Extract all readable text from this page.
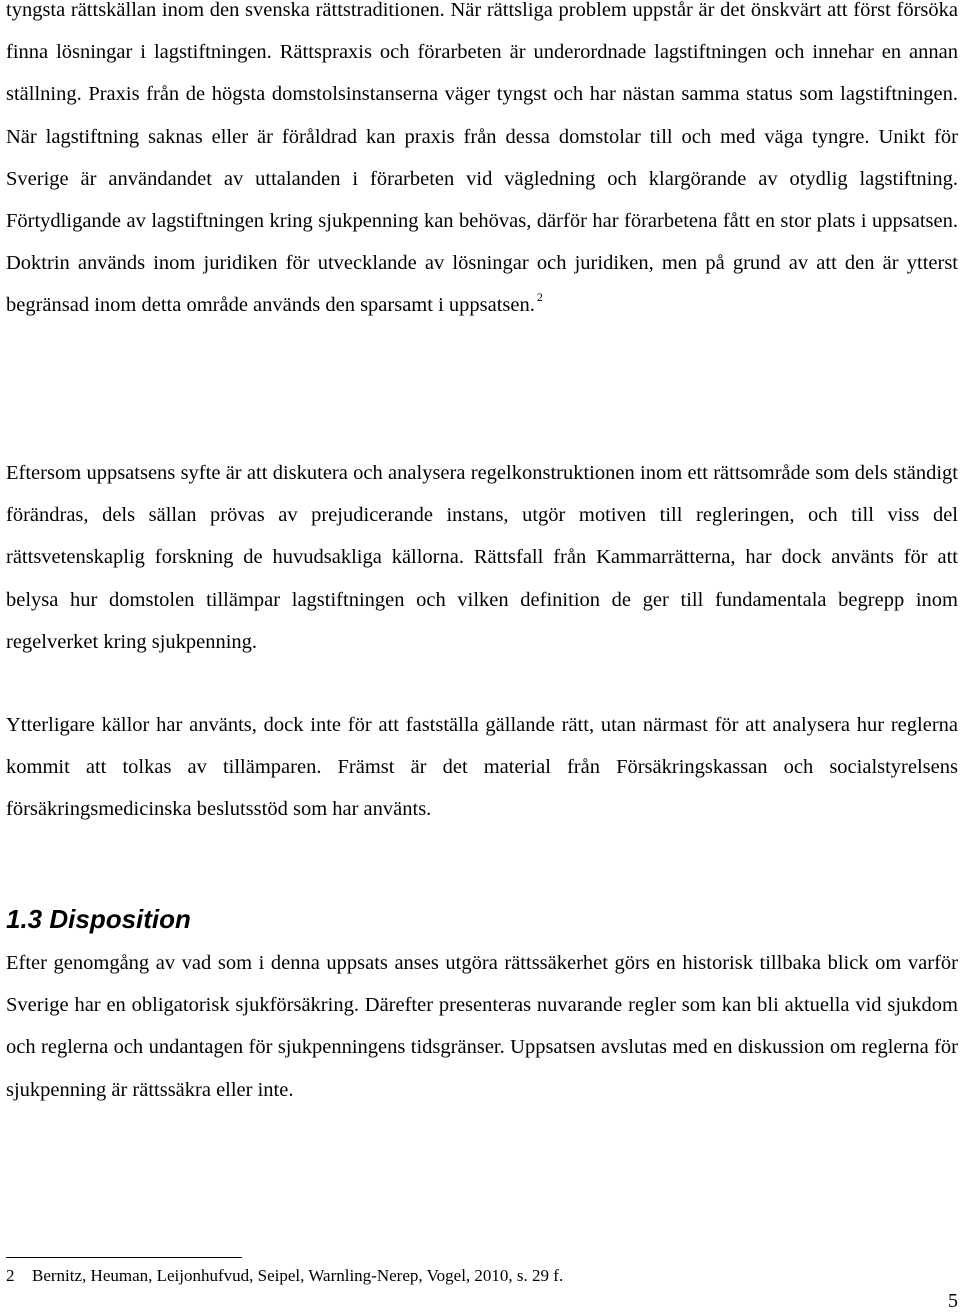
tyngsta rättskällan inom den svenska rättstraditionen. När rättsliga problem uppstår är det önskvärt att först försöka finna lösningar i lagstiftningen. Rättspraxis och förarbeten är underordnade lagstiftningen och innehar en annan ställning. Praxis från de högsta domstolsinstanserna väger tyngst och har nästan samma status som lagstiftningen. När lagstiftning saknas eller är föråldrad kan praxis från dessa domstolar till och med väga tyngre. Unikt för Sverige är användandet av uttalanden i förarbeten vid vägledning och klargörande av otydlig lagstiftning. Förtydligande av lagstiftningen kring sjukpenning kan behövas, därför har förarbetena fått en stor plats i uppsatsen. Doktrin används inom juridiken för utvecklande av lösningar och juridiken, men på grund av att den är ytterst begränsad inom detta område används den sparsamt i uppsatsen. $^2$

Eftersom uppsatsens syfte är att diskutera och analysera regelkonstruktionen inom ett rättsområde som dels ständigt förändras, dels sällan prövas av prejudicerande instans, utgör motiven till regleringen, och till viss del rättsvetenskaplig forskning de huvudsakliga källorna. Rättsfall från Kammarrätterna, har dock använts för att belysa hur domstolen tillämpar lagstiftningen och vilken definition de ger till fundamentala begrepp inom regelverket kring sjukpenning.

Ytterligare källor har använts, dock inte för att fastställa gällande rätt, utan närmast för att analysera hur reglerna kommit att tolkas av tillämparen. Främst är det material från Försäkringskassan och socialstyrelsens försäkringsmedicinska beslutsstöd som har använts.

1.3 Disposition

Efter genomgång av vad som i denna uppsats anses utgöra rättssäkerhet görs en historisk tillbaka blick om varför Sverige har en obligatorisk sjukförsäkring. Därefter presenteras nuvarande regler som kan bli aktuella vid sjukdom och reglerna och undantagen för sjukpenningens tidsgränser. Uppsatsen avslutas med en diskussion om reglerna för sjukpenning är rättssäkra eller inte.

2 Bernitz, Heuman, Leijonhufvud, Seipel, Warnling-Nerep, Vogel, 2010, s. 29 f.

5
